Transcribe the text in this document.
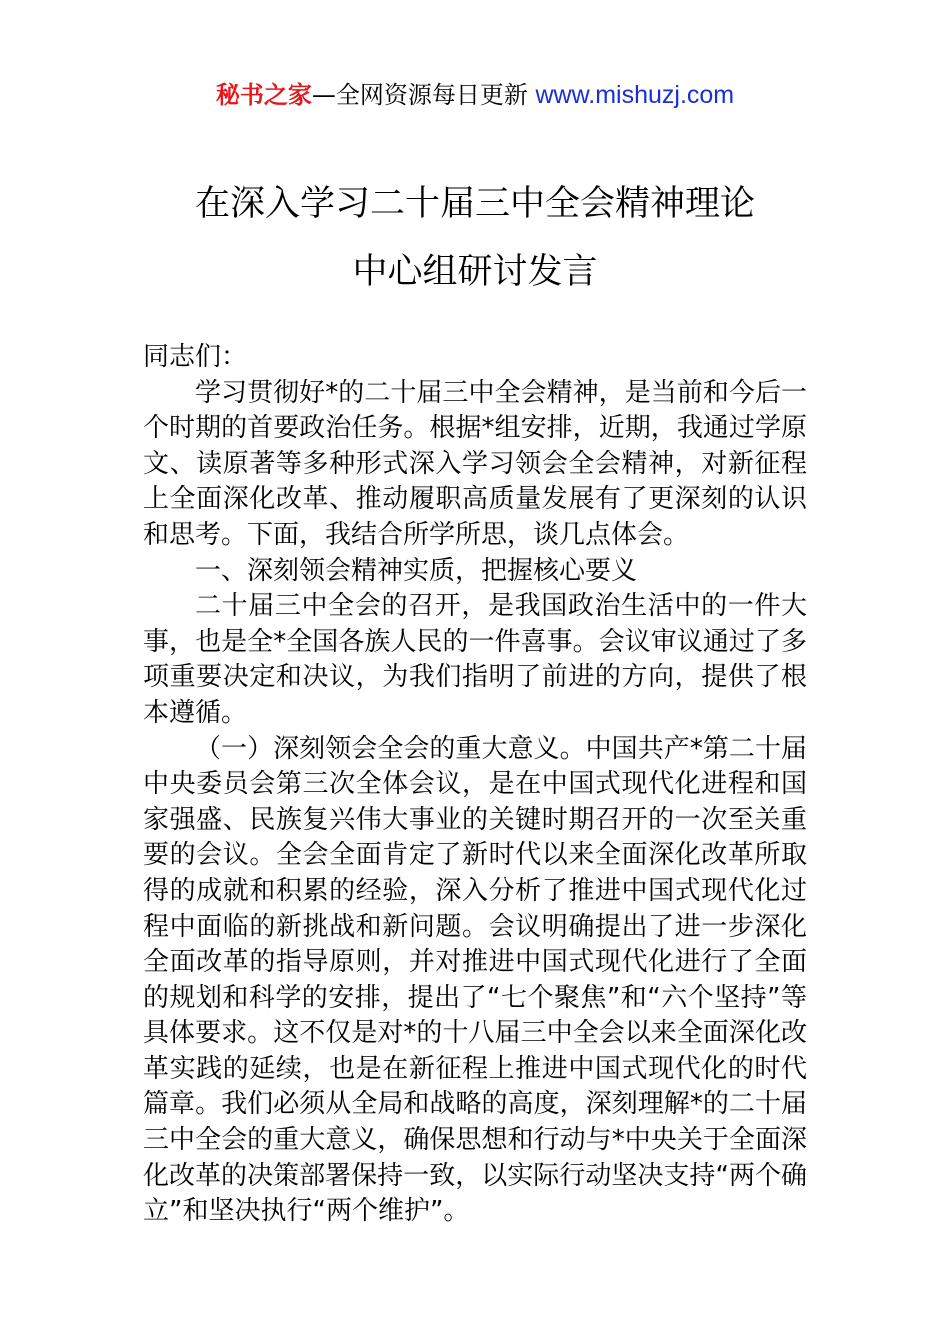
秘书之家—全网资源每日更新 www.mishuzj.com
在深入学习二十届三中全会精神理论
中心组研讨发言

同志们：

学习贯彻好*的二十届三中全会精神，是当前和今后一个时期的首要政治任务。根据*组安排，近期，我通过学原文、读原著等多种形式深入学习领会全会精神，对新征程上全面深化改革、推动履职高质量发展有了更深刻的认识和思考。下面，我结合所学所思，谈几点体会。

一、深刻领会精神实质，把握核心要义

二十届三中全会的召开，是我国政治生活中的一件大事，也是全*全国各族人民的一件喜事。会议审议通过了多项重要决定和决议，为我们指明了前进的方向，提供了根本遵循。

（一）深刻领会全会的重大意义。中国共产*第二十届中央委员会第三次全体会议，是在中国式现代化进程和国家强盛、民族复兴伟大事业的关键时期召开的一次至关重要的会议。全会全面肯定了新时代以来全面深化改革所取得的成就和积累的经验，深入分析了推进中国式现代化过程中面临的新挑战和新问题。会议明确提出了进一步深化全面改革的指导原则，并对推进中国式现代化进行了全面的规划和科学的安排，提出了“七个聚焦”和“六个坚持”等具体要求。这不仅是对*的十八届三中全会以来全面深化改革实践的延续，也是在新征程上推进中国式现代化的时代篇章。我们必须从全局和战略的高度，深刻理解*的二十届三中全会的重大意义，确保思想和行动与*中央关于全面深化改革的决策部署保持一致，以实际行动坚决支持“两个确立”和坚决执行“两个维护”。
